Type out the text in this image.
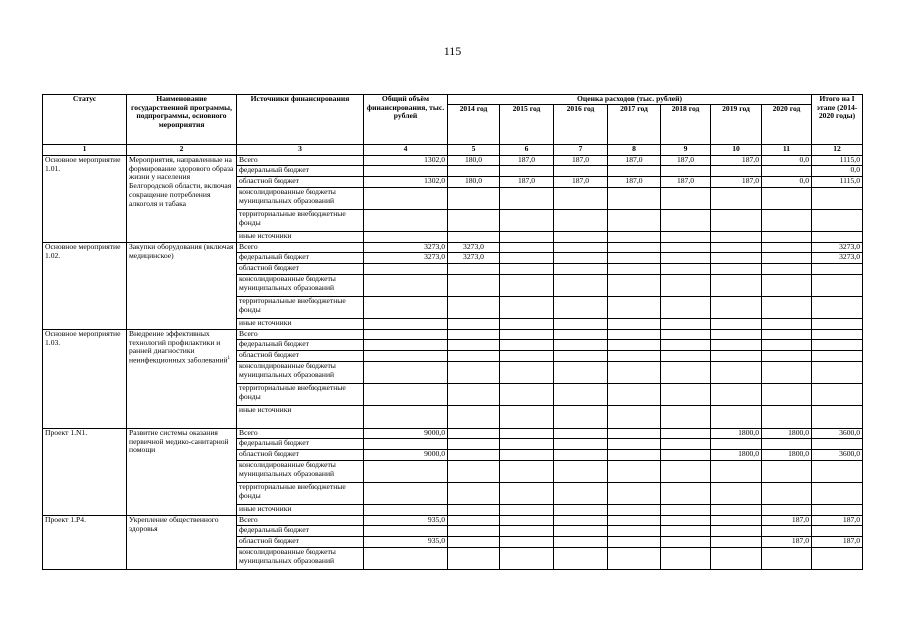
115
Статус	Наименование государственной программы, подпрограммы, основного мероприятия	Источники финансирования	Общий объём финансирования, тыс. рублей	Оценка расходов (тыс. рублей)							Итого на I этапе (2014-2020 годы)
				2014 год	2015 год	2016 год	2017 год	2018 год	2019 год	2020 год	
1	2	3	4	5	6	7	8	9	10	11	12
Основное мероприятие 1.01.	Мероприятия, направленные на формирование здорового образа жизни у населения Белгородской области, включая сокращение потребления алкоголя и табака	Всего	1302,0	180,0	187,0	187,0	187,0	187,0	187,0	0,0	1115,0
		федеральный бюджет									0,0
		областной бюджет	1302,0	180,0	187,0	187,0	187,0	187,0	187,0	0,0	1115,0
		консолидированные бюджеты муниципальных образований									
		территориальные внебюджетные фонды									
		иные источники									
Основное мероприятие 1.02.	Закупки оборудования (включая медицинское)	Всего	3273,0	3273,0							3273,0
		федеральный бюджет	3273,0	3273,0							3273,0
		областной бюджет									
		консолидированные бюджеты муниципальных образований									
		территориальные внебюджетные фонды									
		иные источники									
Основное мероприятие 1.03.	Внедрение эффективных технологий профилактики и ранней диагностики неинфекционных заболеваний$^1$	Всего									
		федеральный бюджет									
		областной бюджет									
		консолидированные бюджеты муниципальных образований									
		территориальные внебюджетные фонды									
		иные источники									
Проект 1.N1.	Развитие системы оказания первичной медико-санитарной помощи	Всего	9000,0						1800,0	1800,0	3600,0
		федеральный бюджет									
		областной бюджет	9000,0						1800,0	1800,0	3600,0
		консолидированные бюджеты муниципальных образований									
		территориальные внебюджетные фонды									
		иные источники									
Проект 1.Р4.	Укрепление общественного здоровья	Всего	935,0							187,0	187,0
		федеральный бюджет									
		областной бюджет	935,0							187,0	187,0
		консолидированные бюджеты муниципальных образований									
